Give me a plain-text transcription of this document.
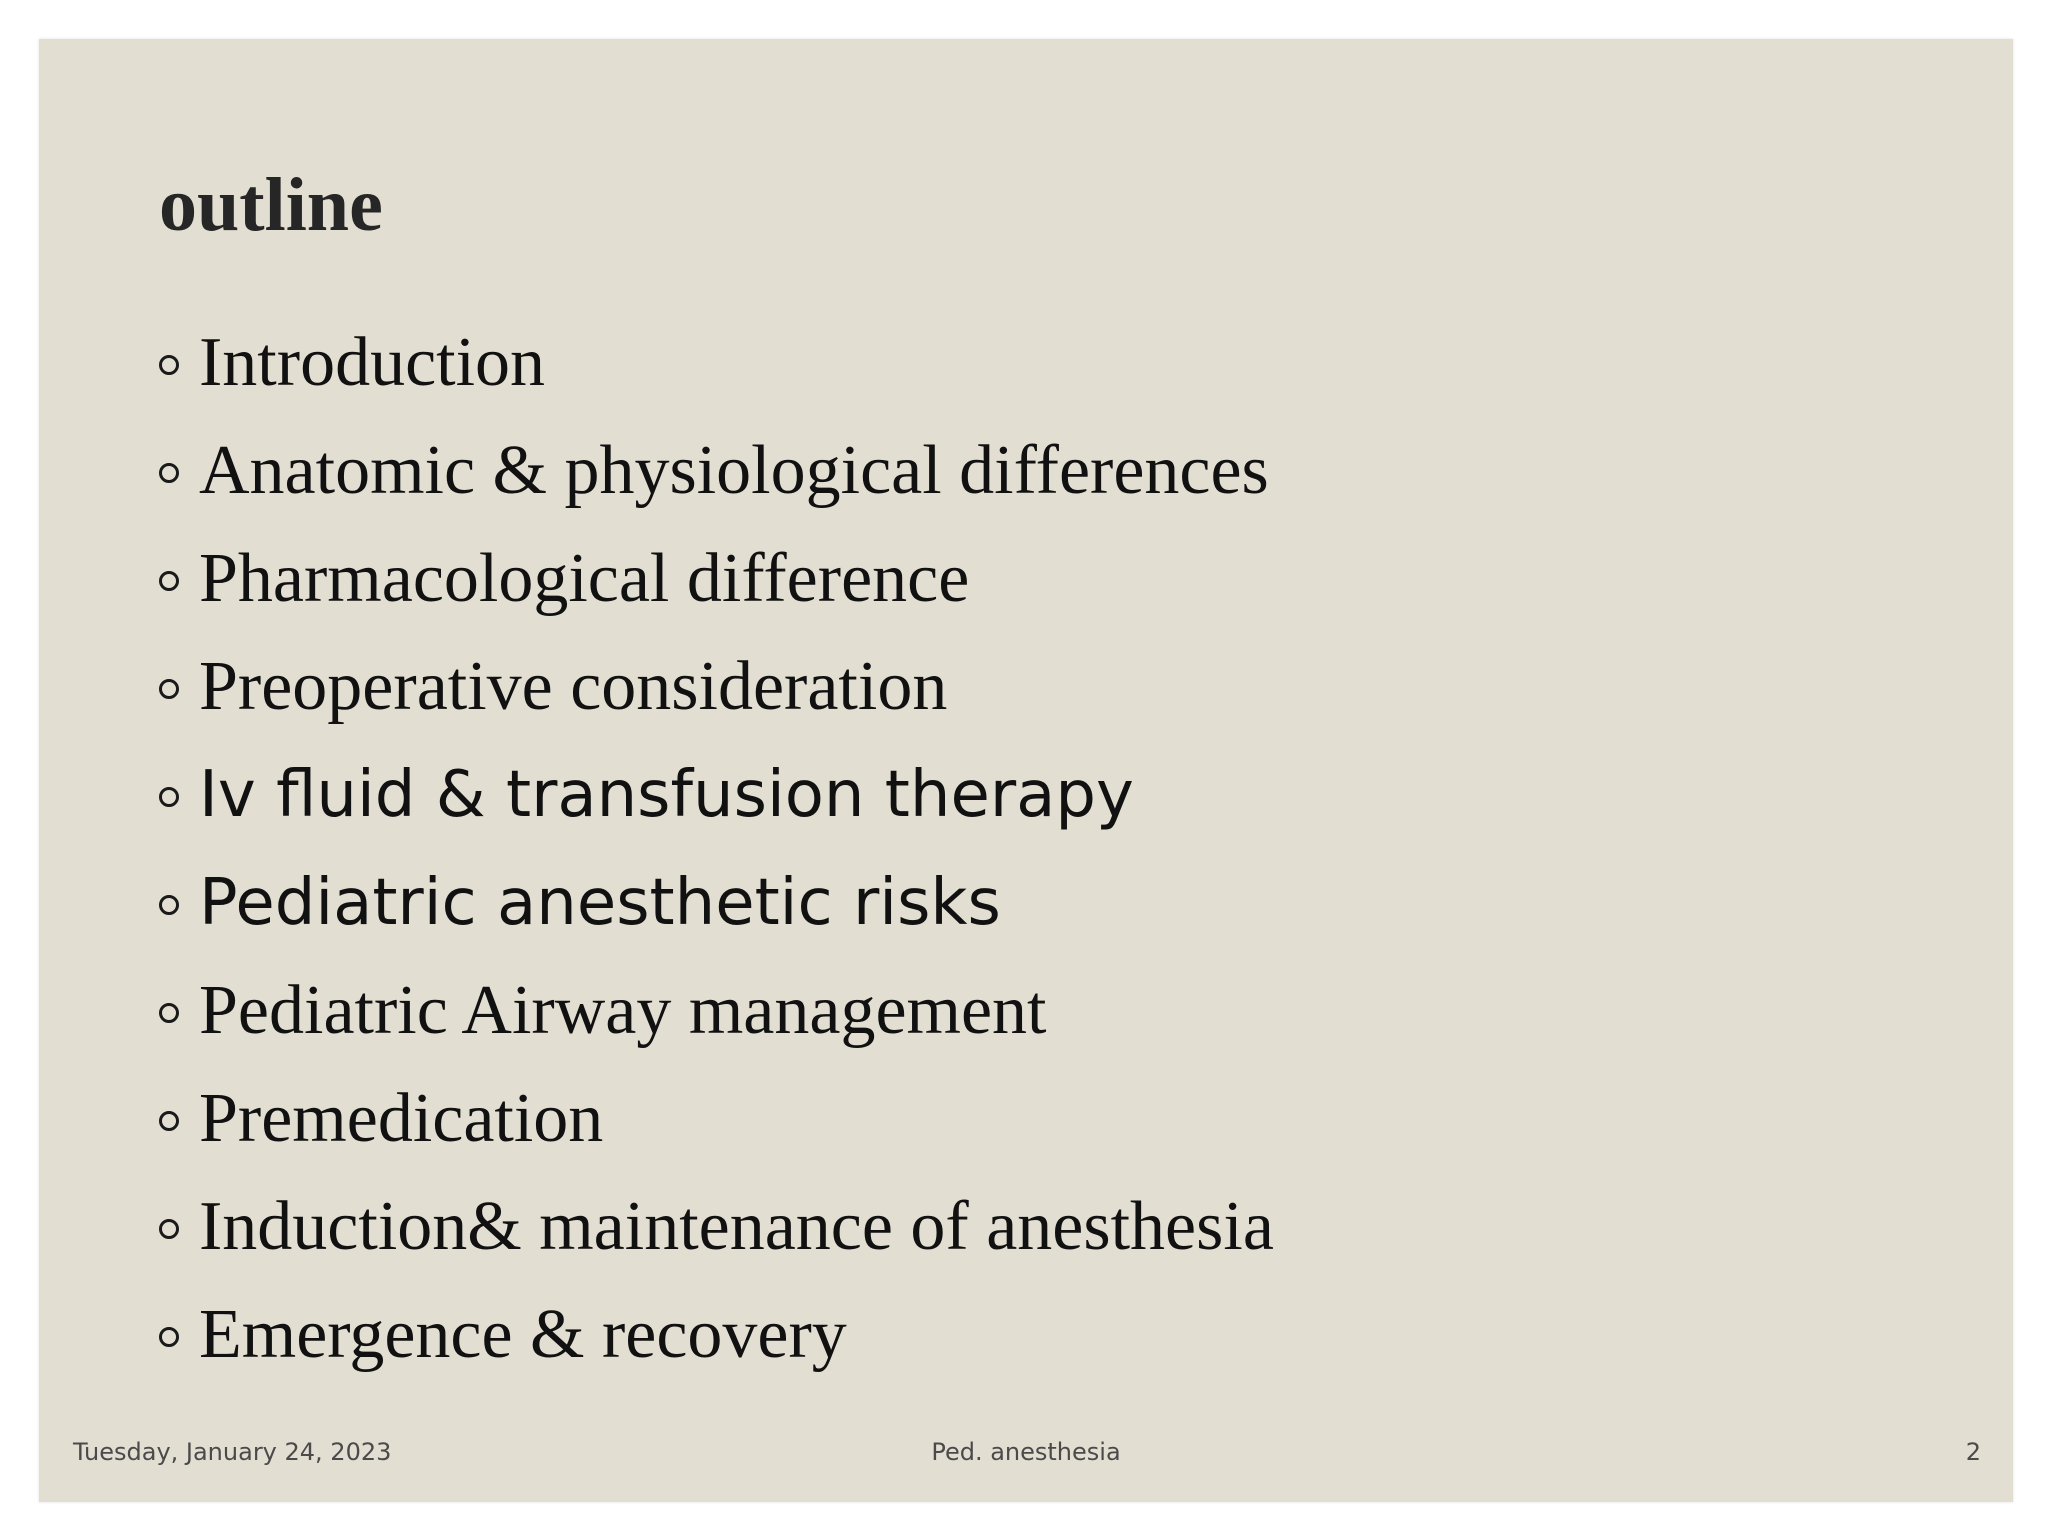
outline
Introduction
Anatomic & physiological differences
Pharmacological difference
Preoperative consideration
Iv fluid & transfusion therapy
Pediatric anesthetic risks
Pediatric Airway management
Premedication
Induction& maintenance of anesthesia
Emergence & recovery
Tuesday, January 24, 2023	Ped. anesthesia	2
